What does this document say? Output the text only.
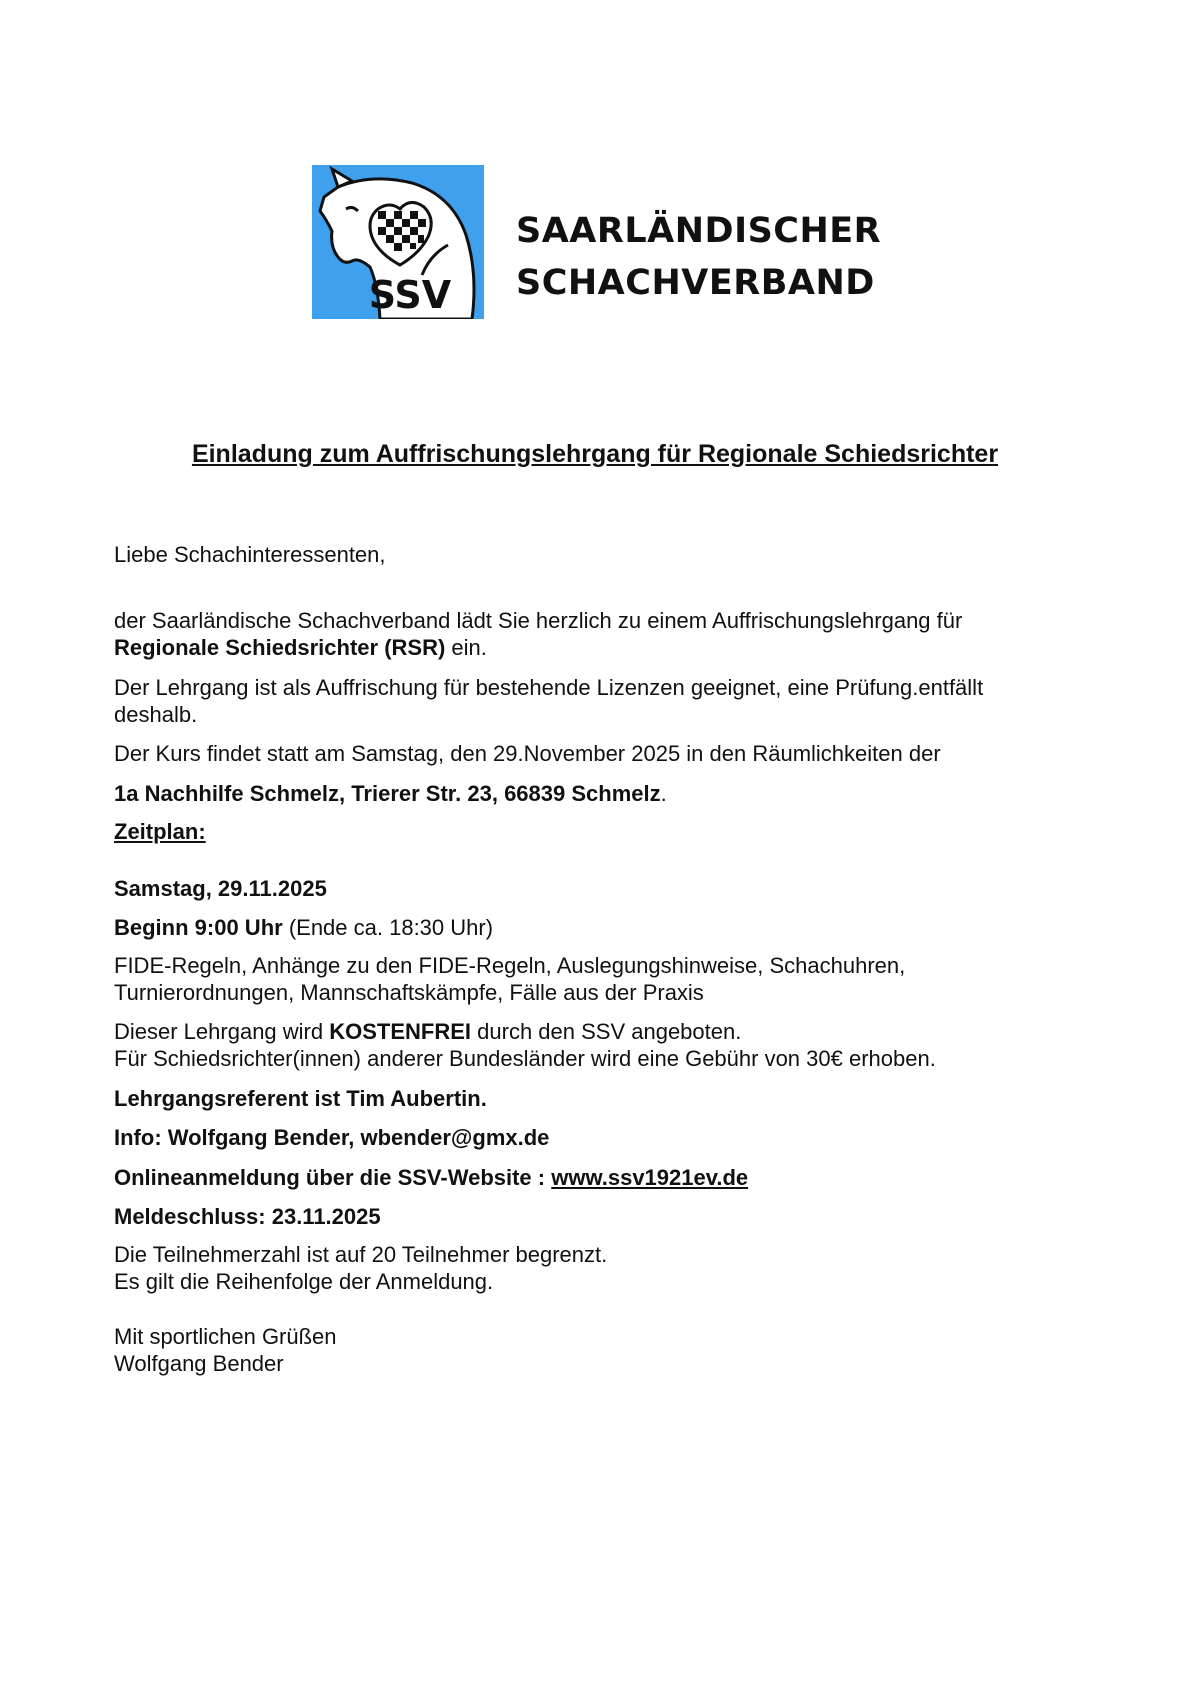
SSV
SAARLÄNDISCHER
SCHACHVERBAND
Einladung zum Auffrischungslehrgang für Regionale Schiedsrichter
Liebe Schachinteressenten,
der Saarländische Schachverband lädt Sie herzlich zu einem Auffrischungslehrgang für
Regionale Schiedsrichter (RSR) ein.
Der Lehrgang ist als Auffrischung für bestehende Lizenzen geeignet, eine Prüfung.entfällt
deshalb.
Der Kurs findet statt am Samstag, den 29.November 2025 in den Räumlichkeiten der
1a Nachhilfe Schmelz, Trierer Str. 23, 66839 Schmelz.
Zeitplan:
Samstag, 29.11.2025
Beginn 9:00 Uhr (Ende ca. 18:30 Uhr)
FIDE-Regeln, Anhänge zu den FIDE-Regeln, Auslegungshinweise, Schachuhren,
Turnierordnungen, Mannschaftskämpfe, Fälle aus der Praxis
Dieser Lehrgang wird KOSTENFREI durch den SSV angeboten.
Für Schiedsrichter(innen) anderer Bundesländer wird eine Gebühr von 30€ erhoben.
Lehrgangsreferent ist Tim Aubertin.
Info: Wolfgang Bender, wbender@gmx.de
Onlineanmeldung über die SSV-Website : www.ssv1921ev.de
Meldeschluss: 23.11.2025
Die Teilnehmerzahl ist auf 20 Teilnehmer begrenzt.
Es gilt die Reihenfolge der Anmeldung.
Mit sportlichen Grüßen
Wolfgang Bender
